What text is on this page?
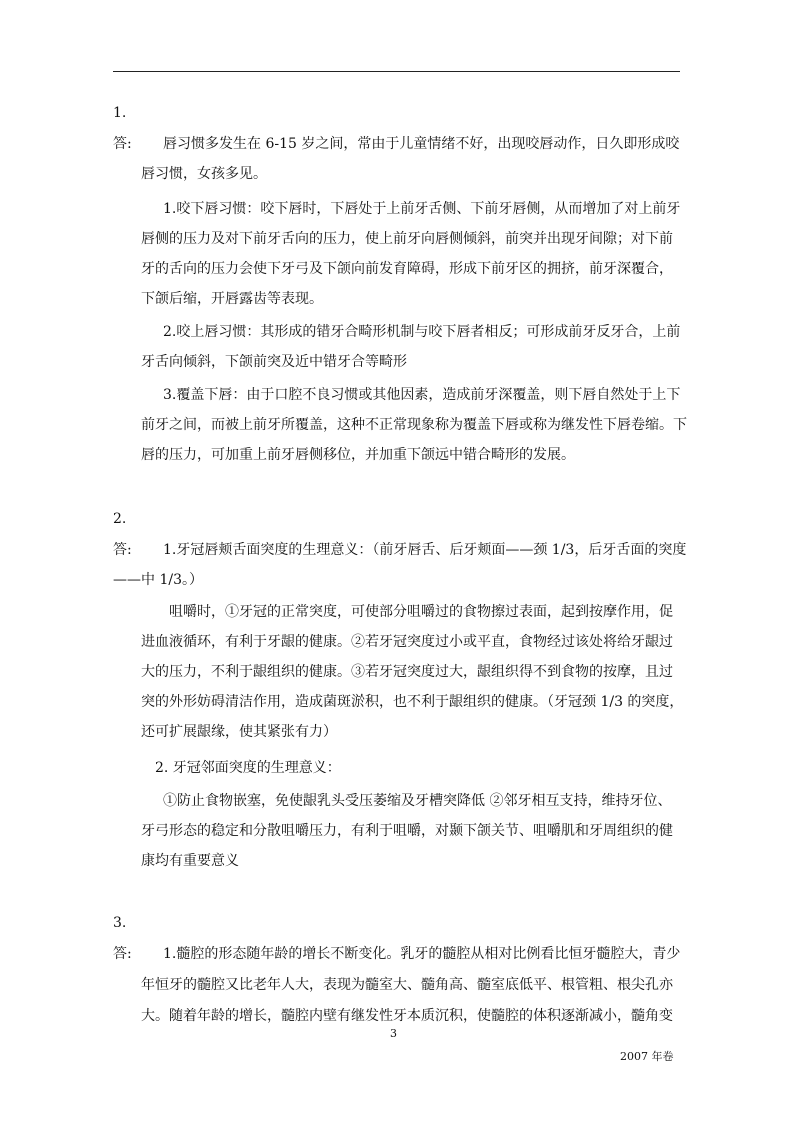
1.
答: 唇习惯多发生在 6-15 岁之间，常由于儿童情绪不好，出现咬唇动作，日久即形成咬
唇习惯，女孩多见。
1.咬下唇习惯：咬下唇时，下唇处于上前牙舌侧、下前牙唇侧，从而增加了对上前牙
唇侧的压力及对下前牙舌向的压力，使上前牙向唇侧倾斜，前突并出现牙间隙；对下前
牙的舌向的压力会使下牙弓及下颌向前发育障碍，形成下前牙区的拥挤，前牙深覆合，
下颌后缩，开唇露齿等表现。
2.咬上唇习惯：其形成的错牙合畸形机制与咬下唇者相反；可形成前牙反牙合，上前
牙舌向倾斜，下颌前突及近中错牙合等畸形
3.覆盖下唇：由于口腔不良习惯或其他因素，造成前牙深覆盖，则下唇自然处于上下
前牙之间，而被上前牙所覆盖，这种不正常现象称为覆盖下唇或称为继发性下唇卷缩。下
唇的压力，可加重上前牙唇侧移位，并加重下颌远中错合畸形的发展。
2.
答: 1.牙冠唇颊舌面突度的生理意义：（前牙唇舌、后牙颊面——颈 1/3，后牙舌面的突度
——中 1/3。）
咀嚼时，①牙冠的正常突度，可使部分咀嚼过的食物擦过表面，起到按摩作用，促
进血液循环，有利于牙龈的健康。②若牙冠突度过小或平直，食物经过该处将给牙龈过
大的压力，不利于龈组织的健康。③若牙冠突度过大，龈组织得不到食物的按摩，且过
突的外形妨碍清洁作用，造成菌斑淤积，也不利于龈组织的健康。（牙冠颈 1/3 的突度，
还可扩展龈缘，使其紧张有力）
2. 牙冠邻面突度的生理意义：
①防止食物嵌塞，免使龈乳头受压萎缩及牙槽突降低 ②邻牙相互支持，维持牙位、
牙弓形态的稳定和分散咀嚼压力，有利于咀嚼，对颞下颌关节、咀嚼肌和牙周组织的健
康均有重要意义
3.
答: 1.髓腔的形态随年龄的增长不断变化。乳牙的髓腔从相对比例看比恒牙髓腔大，青少
年恒牙的髓腔又比老年人大，表现为髓室大、髓角高、髓室底低平、根管粗、根尖孔亦
大。随着年龄的增长，髓腔内壁有继发性牙本质沉积，使髓腔的体积逐渐减小，髓角变
3
2007 年卷
